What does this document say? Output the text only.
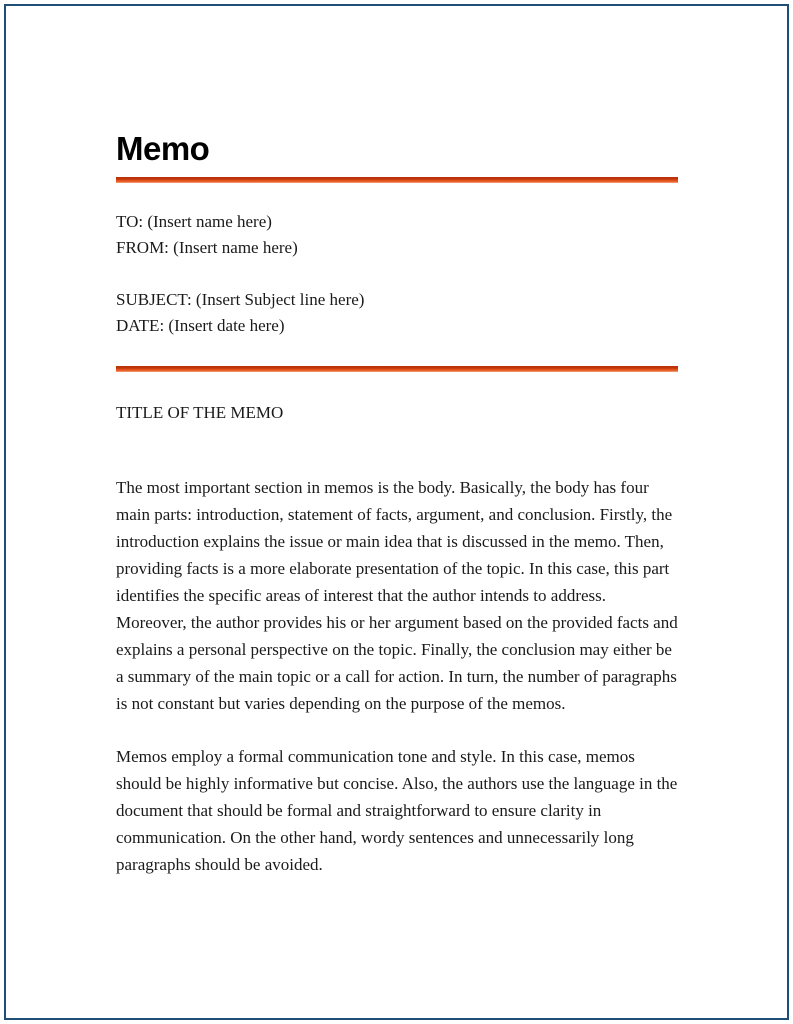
Memo
TO: (Insert name here)
FROM: (Insert name here)
SUBJECT: (Insert Subject line here)
DATE: (Insert date here)
TITLE OF THE MEMO

The most important section in memos is the body. Basically, the body has four main parts: introduction, statement of facts, argument, and conclusion. Firstly, the introduction explains the issue or main idea that is discussed in the memo. Then, providing facts is a more elaborate presentation of the topic. In this case, this part identifies the specific areas of interest that the author intends to address. Moreover, the author provides his or her argument based on the provided facts and explains a personal perspective on the topic. Finally, the conclusion may either be a summary of the main topic or a call for action. In turn, the number of paragraphs is not constant but varies depending on the purpose of the memos.

Memos employ a formal communication tone and style. In this case, memos should be highly informative but concise. Also, the authors use the language in the document that should be formal and straightforward to ensure clarity in communication. On the other hand, wordy sentences and unnecessarily long paragraphs should be avoided.
